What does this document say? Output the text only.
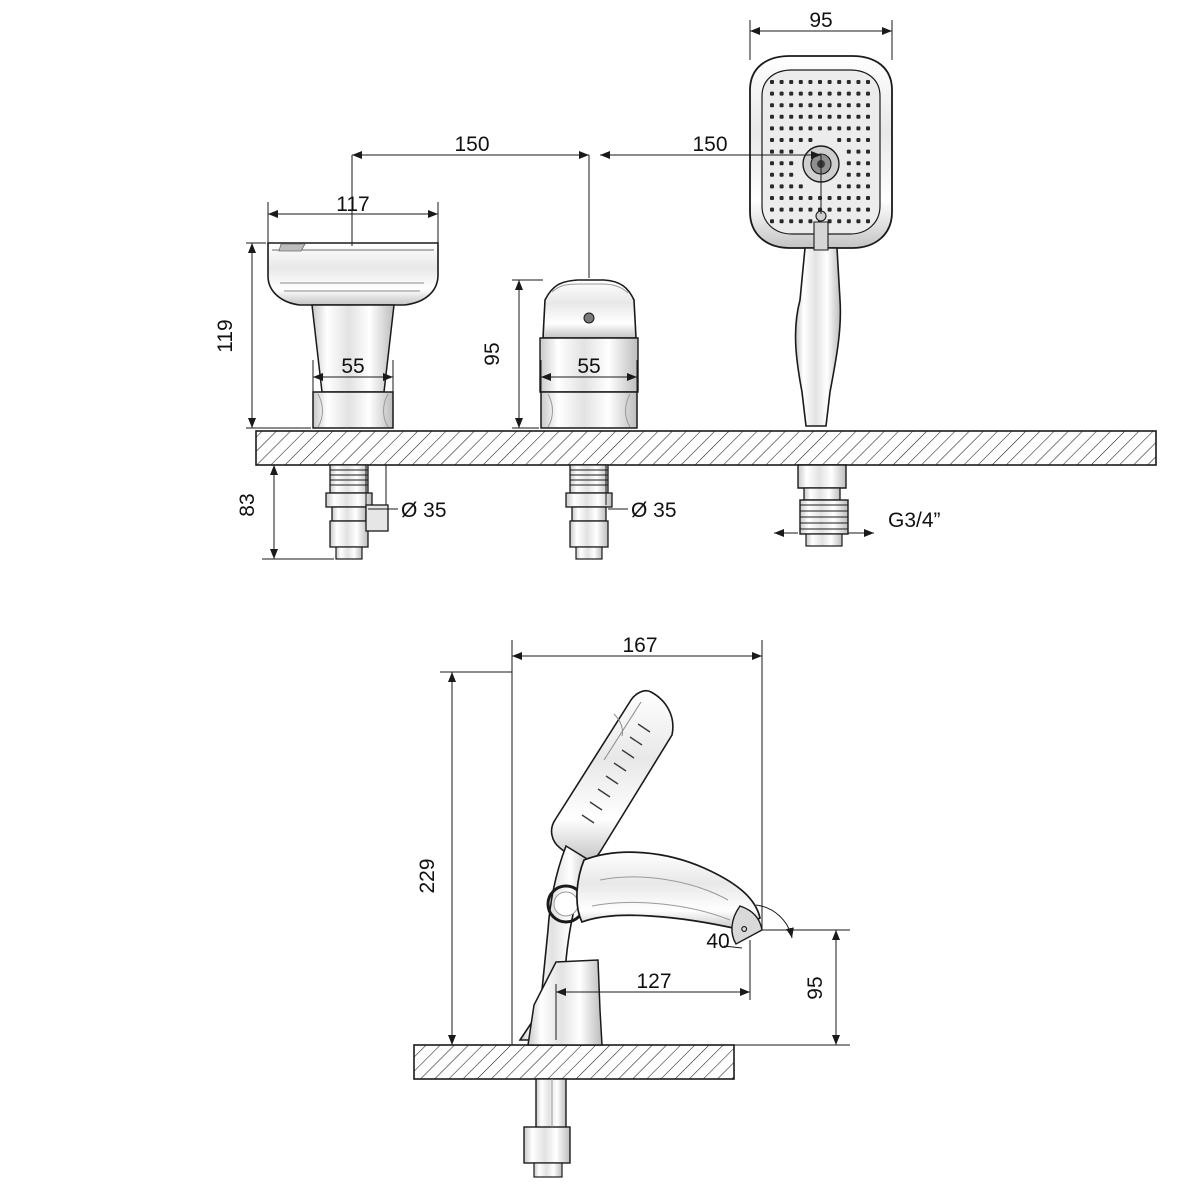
95
150	150
117
119
55
95
55
83	Ø 35	Ø 35	G3/4”
167
229
127	95
40 °
